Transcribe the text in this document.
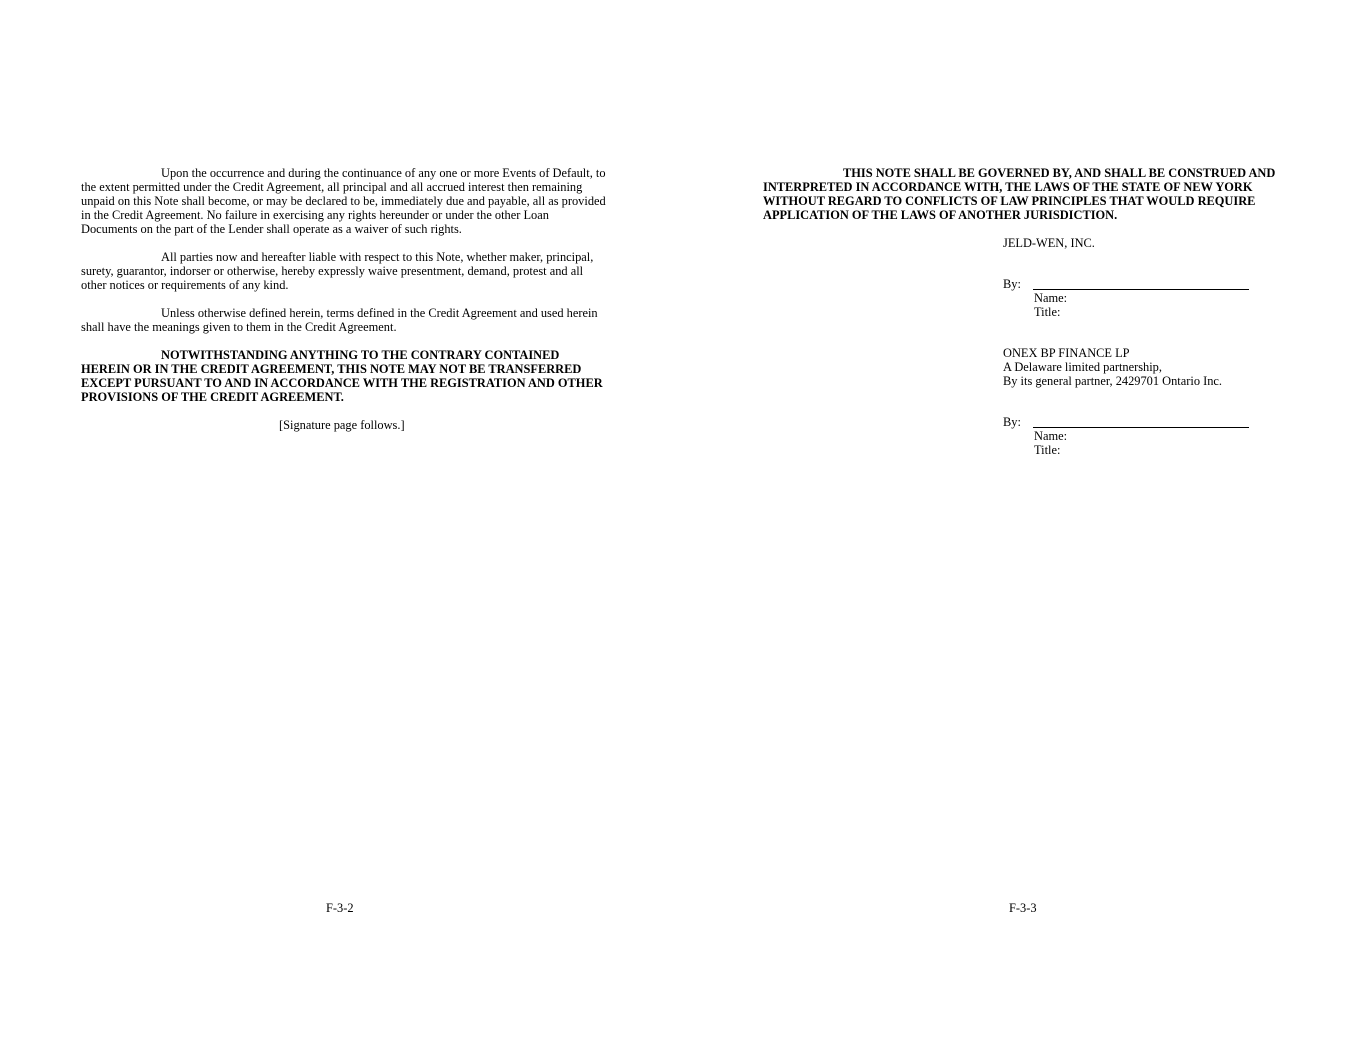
Upon the occurrence and during the continuance of any one or more Events of Default, to
the extent permitted under the Credit Agreement, all principal and all accrued interest then remaining
unpaid on this Note shall become, or may be declared to be, immediately due and payable, all as provided
in the Credit Agreement. No failure in exercising any rights hereunder or under the other Loan
Documents on the part of the Lender shall operate as a waiver of such rights.

All parties now and hereafter liable with respect to this Note, whether maker, principal,
surety, guarantor, indorser or otherwise, hereby expressly waive presentment, demand, protest and all
other notices or requirements of any kind.

Unless otherwise defined herein, terms defined in the Credit Agreement and used herein
shall have the meanings given to them in the Credit Agreement.

NOTWITHSTANDING ANYTHING TO THE CONTRARY CONTAINED
HEREIN OR IN THE CREDIT AGREEMENT, THIS NOTE MAY NOT BE TRANSFERRED
EXCEPT PURSUANT TO AND IN ACCORDANCE WITH THE REGISTRATION AND OTHER
PROVISIONS OF THE CREDIT AGREEMENT.

[Signature page follows.]

F-3-2

THIS NOTE SHALL BE GOVERNED BY, AND SHALL BE CONSTRUED AND
INTERPRETED IN ACCORDANCE WITH, THE LAWS OF THE STATE OF NEW YORK
WITHOUT REGARD TO CONFLICTS OF LAW PRINCIPLES THAT WOULD REQUIRE
APPLICATION OF THE LAWS OF ANOTHER JURISDICTION.

JELD-WEN, INC.
By:
Name:
Title:
ONEX BP FINANCE LP
A Delaware limited partnership,
By its general partner, 2429701 Ontario Inc.
By:
Name:
Title:
F-3-3
